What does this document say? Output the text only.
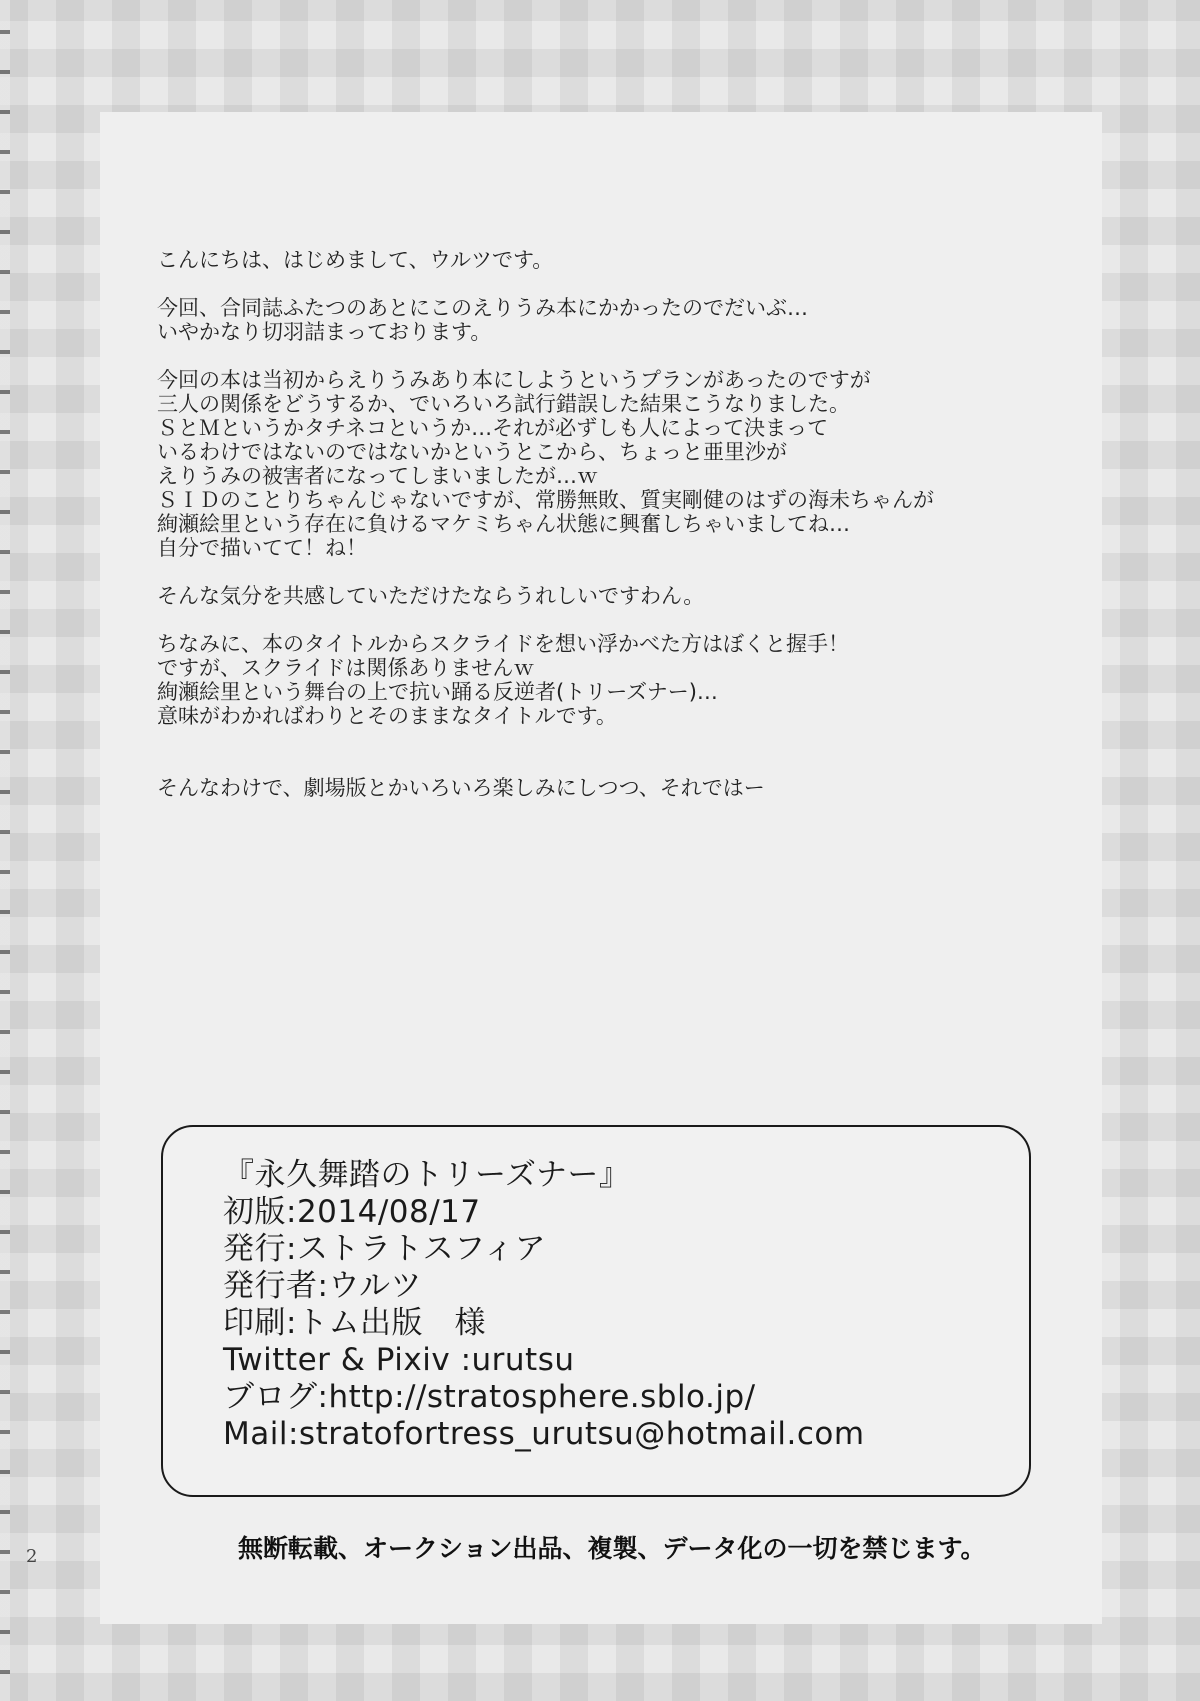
こんにちは、はじめまして、ウルツです。

今回、合同誌ふたつのあとにこのえりうみ本にかかったのでだいぶ…
いやかなり切羽詰まっております。

今回の本は当初からえりうみあり本にしようというプランがあったのですが
三人の関係をどうするか、でいろいろ試行錯誤した結果こうなりました。
ＳとＭというかタチネコというか…それが必ずしも人によって決まって
いるわけではないのではないかというとこから、ちょっと亜里沙が
えりうみの被害者になってしまいましたが…ｗ
ＳＩＤのことりちゃんじゃないですが、常勝無敗、質実剛健のはずの海未ちゃんが
絢瀬絵里という存在に負けるマケミちゃん状態に興奮しちゃいましてね…
自分で描いてて！ね！

そんな気分を共感していただけたならうれしいですわん。

ちなみに、本のタイトルからスクライドを想い浮かべた方はぼくと握手！
ですが、スクライドは関係ありませんｗ
絢瀬絵里という舞台の上で抗い踊る反逆者(トリーズナー)…
意味がわかればわりとそのままなタイトルです。

そんなわけで、劇場版とかいろいろ楽しみにしつつ、それではー

『永久舞踏のトリーズナー』
初版:2014/08/17
発行:ストラトスフィア
発行者:ウルツ
印刷:トム出版　様
Twitter & Pixiv :urutsu
ブログ:http://stratosphere.sblo.jp/
Mail:stratofortress_urutsu@hotmail.com
無断転載、オークション出品、複製、データ化の一切を禁じます。
2
